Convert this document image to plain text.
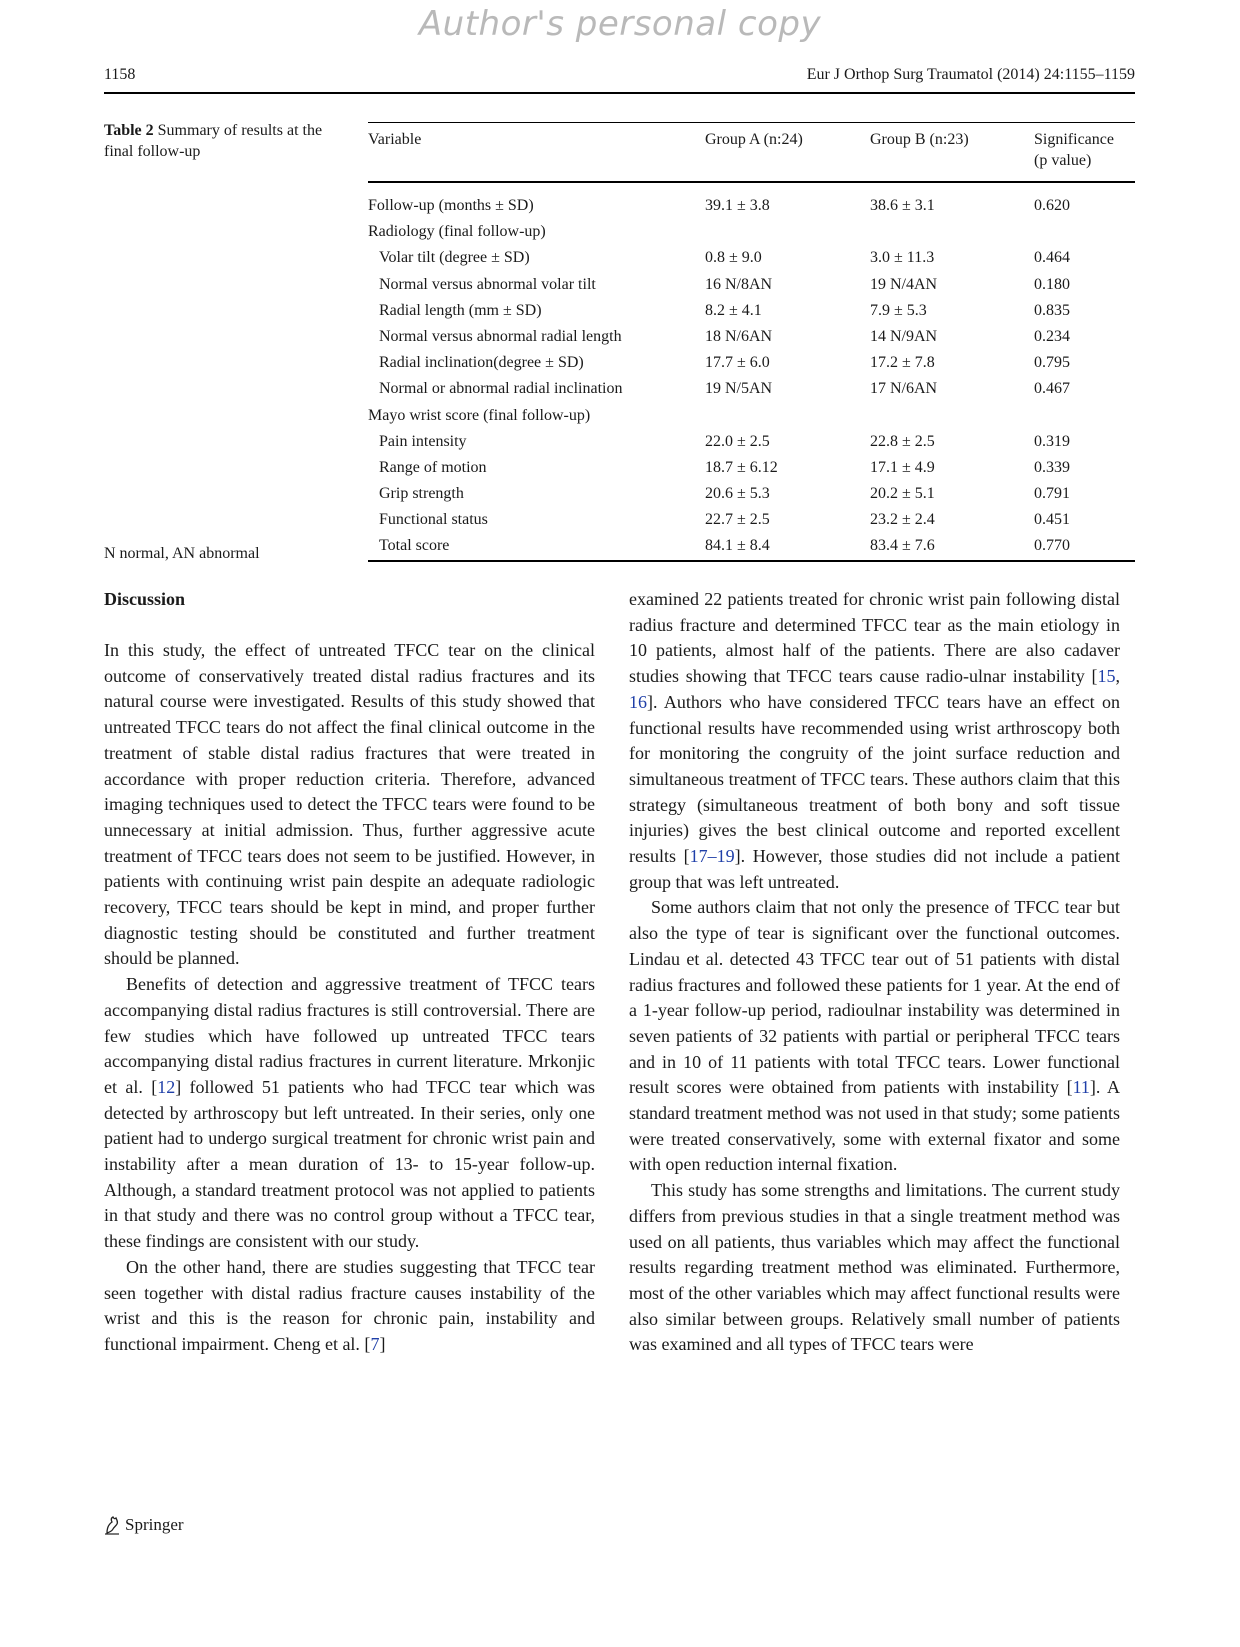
Author's personal copy
1158	Eur J Orthop Surg Traumatol (2014) 24:1155–1159
Table 2 Summary of results at the final follow-up
Variable	Group A (n:24)	Group B (n:23)	Significance
(p value)

Follow-up (months ± SD)	39.1 ± 3.8	38.6 ± 3.1	0.620
Radiology (final follow-up)			
Volar tilt (degree ± SD)	0.8 ± 9.0	3.0 ± 11.3	0.464
Normal versus abnormal volar tilt	16 N/8AN	19 N/4AN	0.180
Radial length (mm ± SD)	8.2 ± 4.1	7.9 ± 5.3	0.835
Normal versus abnormal radial length	18 N/6AN	14 N/9AN	0.234
Radial inclination(degree ± SD)	17.7 ± 6.0	17.2 ± 7.8	0.795
Normal or abnormal radial inclination	19 N/5AN	17 N/6AN	0.467
Mayo wrist score (final follow-up)			
Pain intensity	22.0 ± 2.5	22.8 ± 2.5	0.319
Range of motion	18.7 ± 6.12	17.1 ± 4.9	0.339
Grip strength	20.6 ± 5.3	20.2 ± 5.1	0.791
Functional status	22.7 ± 2.5	23.2 ± 2.4	0.451
Total score	84.1 ± 8.4	83.4 ± 7.6	0.770
N normal, AN abnormal
Discussion

In this study, the effect of untreated TFCC tear on the clinical outcome of conservatively treated distal radius fractures and its natural course were investigated. Results of this study showed that untreated TFCC tears do not affect the final clinical outcome in the treatment of stable distal radius fractures that were treated in accordance with proper reduction criteria. Therefore, advanced imaging techniques used to detect the TFCC tears were found to be unnecessary at initial admission. Thus, further aggressive acute treatment of TFCC tears does not seem to be justified. However, in patients with continuing wrist pain despite an adequate radiologic recovery, TFCC tears should be kept in mind, and proper further diagnostic testing should be constituted and further treatment should be planned.

Benefits of detection and aggressive treatment of TFCC tears accompanying distal radius fractures is still controversial. There are few studies which have followed up untreated TFCC tears accompanying distal radius fractures in current literature. Mrkonjic et al. [12] followed 51 patients who had TFCC tear which was detected by arthroscopy but left untreated. In their series, only one patient had to undergo surgical treatment for chronic wrist pain and instability after a mean duration of 13- to 15-year follow-up. Although, a standard treatment protocol was not applied to patients in that study and there was no control group without a TFCC tear, these findings are consistent with our study.

On the other hand, there are studies suggesting that TFCC tear seen together with distal radius fracture causes instability of the wrist and this is the reason for chronic pain, instability and functional impairment. Cheng et al. [7]

examined 22 patients treated for chronic wrist pain following distal radius fracture and determined TFCC tear as the main etiology in 10 patients, almost half of the patients. There are also cadaver studies showing that TFCC tears cause radio-ulnar instability [15, 16]. Authors who have considered TFCC tears have an effect on functional results have recommended using wrist arthroscopy both for monitoring the congruity of the joint surface reduction and simultaneous treatment of TFCC tears. These authors claim that this strategy (simultaneous treatment of both bony and soft tissue injuries) gives the best clinical outcome and reported excellent results [17–19]. However, those studies did not include a patient group that was left untreated.

Some authors claim that not only the presence of TFCC tear but also the type of tear is significant over the functional outcomes. Lindau et al. detected 43 TFCC tear out of 51 patients with distal radius fractures and followed these patients for 1 year. At the end of a 1-year follow-up period, radioulnar instability was determined in seven patients of 32 patients with partial or peripheral TFCC tears and in 10 of 11 patients with total TFCC tears. Lower functional result scores were obtained from patients with instability [11]. A standard treatment method was not used in that study; some patients were treated conservatively, some with external fixator and some with open reduction internal fixation.

This study has some strengths and limitations. The current study differs from previous studies in that a single treatment method was used on all patients, thus variables which may affect the functional results regarding treatment method was eliminated. Furthermore, most of the other variables which may affect functional results were also similar between groups. Relatively small number of patients was examined and all types of TFCC tears were

Springer
